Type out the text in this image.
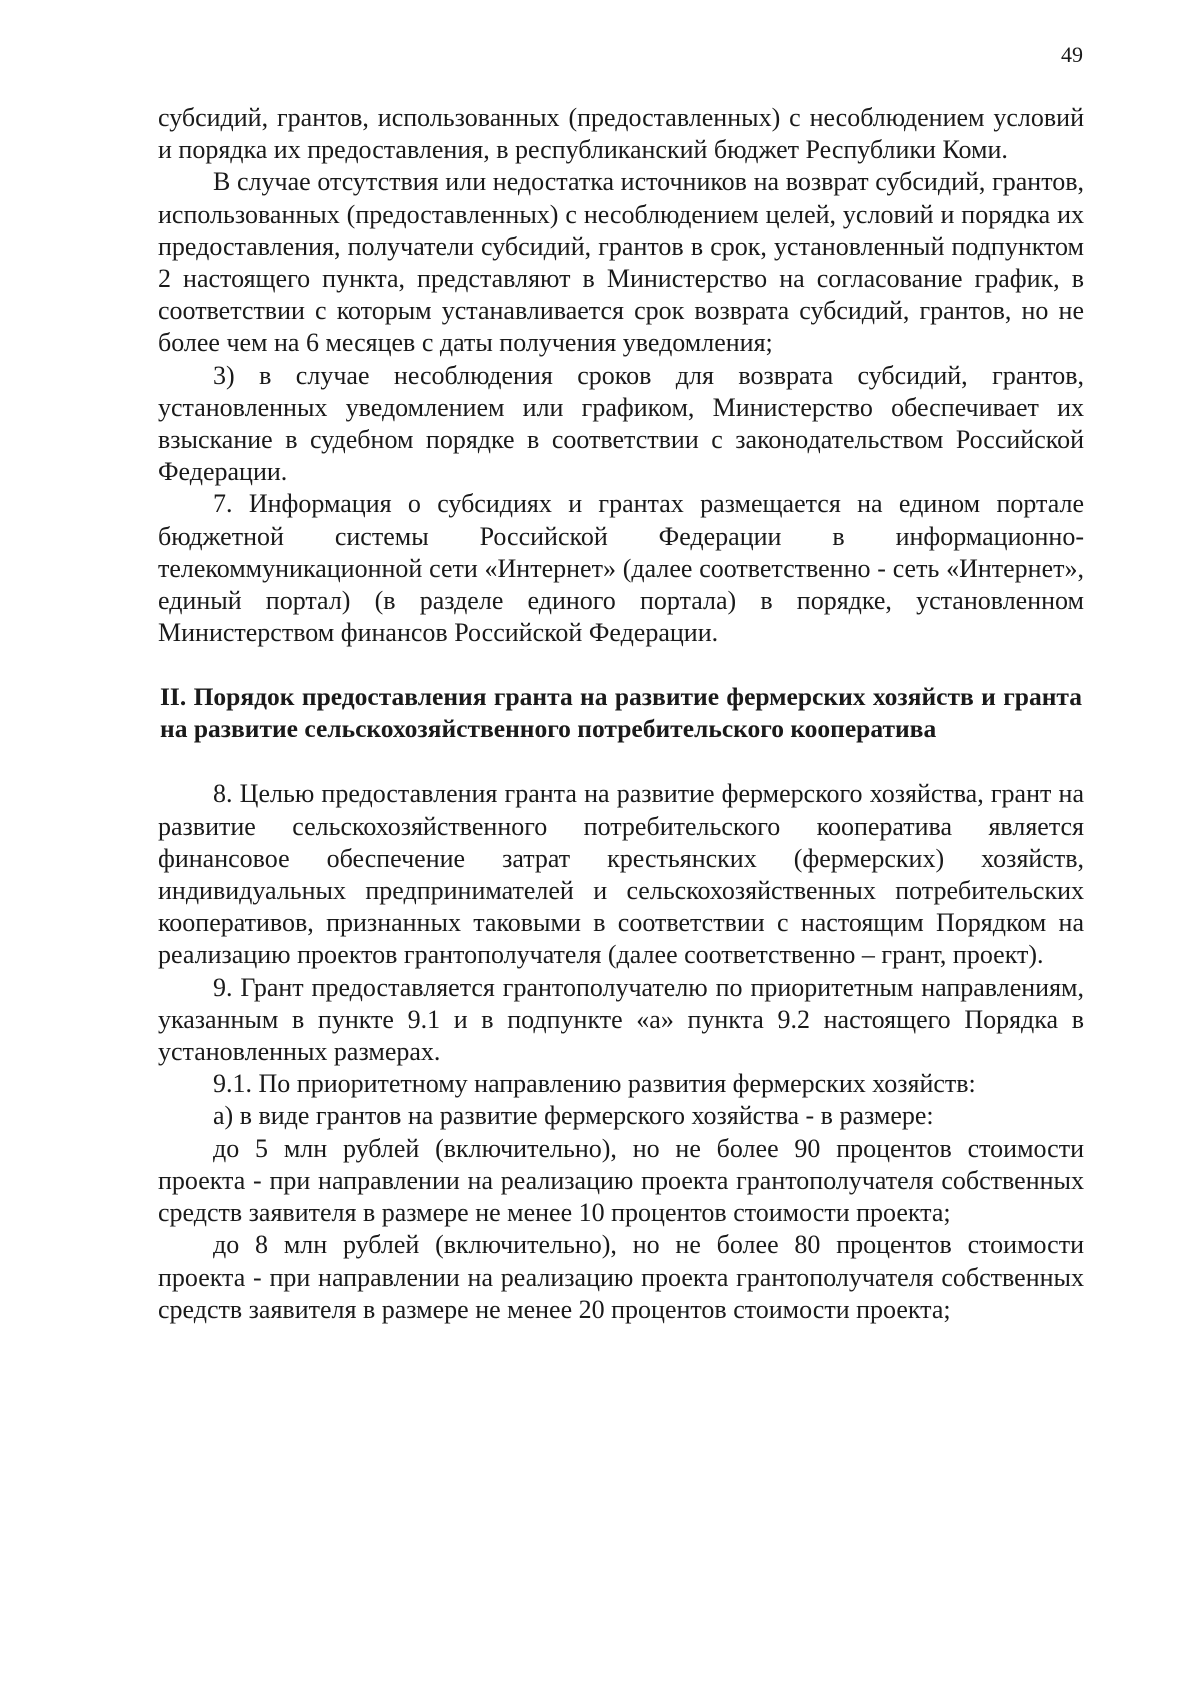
49

субсидий, грантов, использованных (предоставленных) с несоблюдением условий и порядка их предоставления, в республиканский бюджет Республики Коми.

В случае отсутствия или недостатка источников на возврат субсидий, грантов, использованных (предоставленных) с несоблюдением целей, условий и порядка их предоставления, получатели субсидий, грантов в срок, установленный подпунктом 2 настоящего пункта, представляют в Министерство на согласование график, в соответствии с которым устанавливается срок возврата субсидий, грантов, но не более чем на 6 месяцев с даты получения уведомления;

3) в случае несоблюдения сроков для возврата субсидий, грантов, установленных уведомлением или графиком, Министерство обеспечивает их взыскание в судебном порядке в соответствии с законодательством Российской Федерации.

7. Информация о субсидиях и грантах размещается на едином портале бюджетной системы Российской Федерации в информационно-телекоммуникационной сети «Интернет» (далее соответственно - сеть «Интернет», единый портал) (в разделе единого портала) в порядке, установленном Министерством финансов Российской Федерации.

II. Порядок предоставления гранта на развитие фермерских хозяйств и гранта на развитие сельскохозяйственного потребительского кооператива

8. Целью предоставления гранта на развитие фермерского хозяйства, грант на развитие сельскохозяйственного потребительского кооператива является финансовое обеспечение затрат крестьянских (фермерских) хозяйств, индивидуальных предпринимателей и сельскохозяйственных потребительских кооперативов, признанных таковыми в соответствии с настоящим Порядком на реализацию проектов грантополучателя (далее соответственно – грант, проект).

9. Грант предоставляется грантополучателю по приоритетным направлениям, указанным в пункте 9.1 и в подпункте «а» пункта 9.2 настоящего Порядка в установленных размерах.

9.1. По приоритетному направлению развития фермерских хозяйств:

а) в виде грантов на развитие фермерского хозяйства - в размере:

до 5 млн рублей (включительно), но не более 90 процентов стоимости проекта - при направлении на реализацию проекта грантополучателя собственных средств заявителя в размере не менее 10 процентов стоимости проекта;

до 8 млн рублей (включительно), но не более 80 процентов стоимости проекта - при направлении на реализацию проекта грантополучателя собственных средств заявителя в размере не менее 20 процентов стоимости проекта;
